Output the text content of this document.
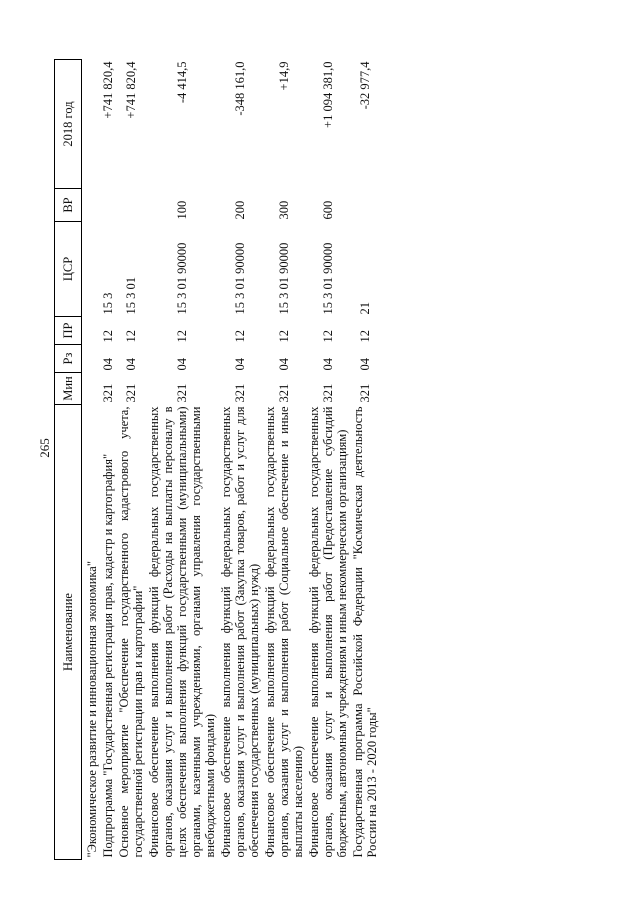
265
Наименование	Мин	Рз	ПР	ЦСР	ВР	2018 год
"Экономическое развитие и инновационная экономика"						
Подпрограмма "Государственная регистрация прав, кадастр и картография"	321	04	12	15 3		+741 820,4
Основное мероприятие "Обеспечение государственного кадастрового учета, государственной регистрации прав и картографии"	321	04	12	15 3 01		+741 820,4
Финансовое обеспечение выполнения функций федеральных государственных органов, оказания услуг и выполнения работ (Расходы на выплаты персоналу в целях обеспечения выполнения функций государственными (муниципальными) органами, казенными учреждениями, органами управления государственными внебюджетными фондами)	321	04	12	15 3 01 90000	100	-4 414,5
Финансовое обеспечение выполнения функций федеральных государственных органов, оказания услуг и выполнения работ (Закупка товаров, работ и услуг для обеспечения государственных (муниципальных) нужд)	321	04	12	15 3 01 90000	200	-348 161,0
Финансовое обеспечение выполнения функций федеральных государственных органов, оказания услуг и выполнения работ (Социальное обеспечение и иные выплаты населению)	321	04	12	15 3 01 90000	300	+14,9
Финансовое обеспечение выполнения функций федеральных государственных органов, оказания услуг и выполнения работ (Предоставление субсидий бюджетным, автономным учреждениям и иным некоммерческим организациям)	321	04	12	15 3 01 90000	600	+1 094 381,0
Государственная программа Российской Федерации "Космическая деятельность России на 2013 - 2020 годы"	321	04	12	21		-32 977,4
